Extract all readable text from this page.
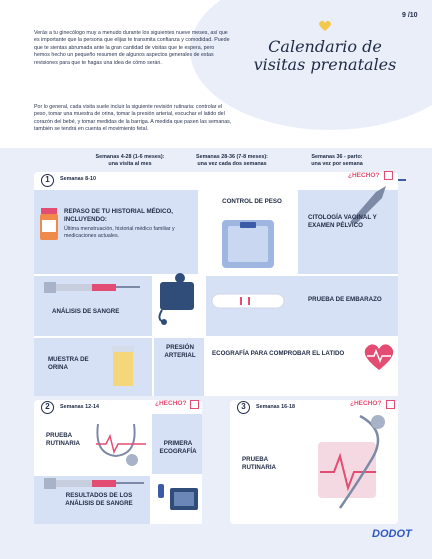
9 /10
Calendario de
visitas prenatales

Verás a tu ginecólogo muy a menudo durante los siguientes nueve meses, así que es importante que la persona que elijas te transmita confianza y comodidad. Puede que te sientas abrumada ante la gran cantidad de visitas que te espera, pero hemos hecho un pequeño resumen de algunos aspectos generales de estas revisiones para que te hagas una idea de cómo serán.

Por lo general, cada visita suele incluir la siguiente revisión rutinaria: controlar el peso, tomar una muestra de orina, tomar la presión arterial, escuchar el latido del corazón del bebé, y tomar medidas de la barriga. A medida que pasen las semanas, también se tendrá en cuenta el movimiento fetal.

Semanas 4-28 (1-6 meses):
una visita al mes
Semanas 28-36 (7-8 meses):
una vez cada dos semanas
Semanas 36 - parto:
una vez por semana
1	Semanas 8-10	¿HECHO?
REPASO DE TU HISTORIAL MÉDICO, INCLUYENDO:
Última menstruación, historial médico familiar y medicaciones actuales.
CONTROL DE PESO
CITOLOGÍA VAGINAL Y EXAMEN PÉLVICO
ANÁLISIS DE SANGRE
PRUEBA DE EMBARAZO
MUESTRA DE ORINA
PRESIÓN ARTERIAL	ECOGRAFÍA PARA COMPROBAR EL LATIDO
2	Semanas 12-14	¿HECHO?
PRUEBA RUTINARIA	PRIMERA ECOGRAFÍA
RESULTADOS DE LOS ANÁLISIS DE SANGRE
3	Semanas 16-18	¿HECHO?
PRUEBA RUTINARIA
DODOT
